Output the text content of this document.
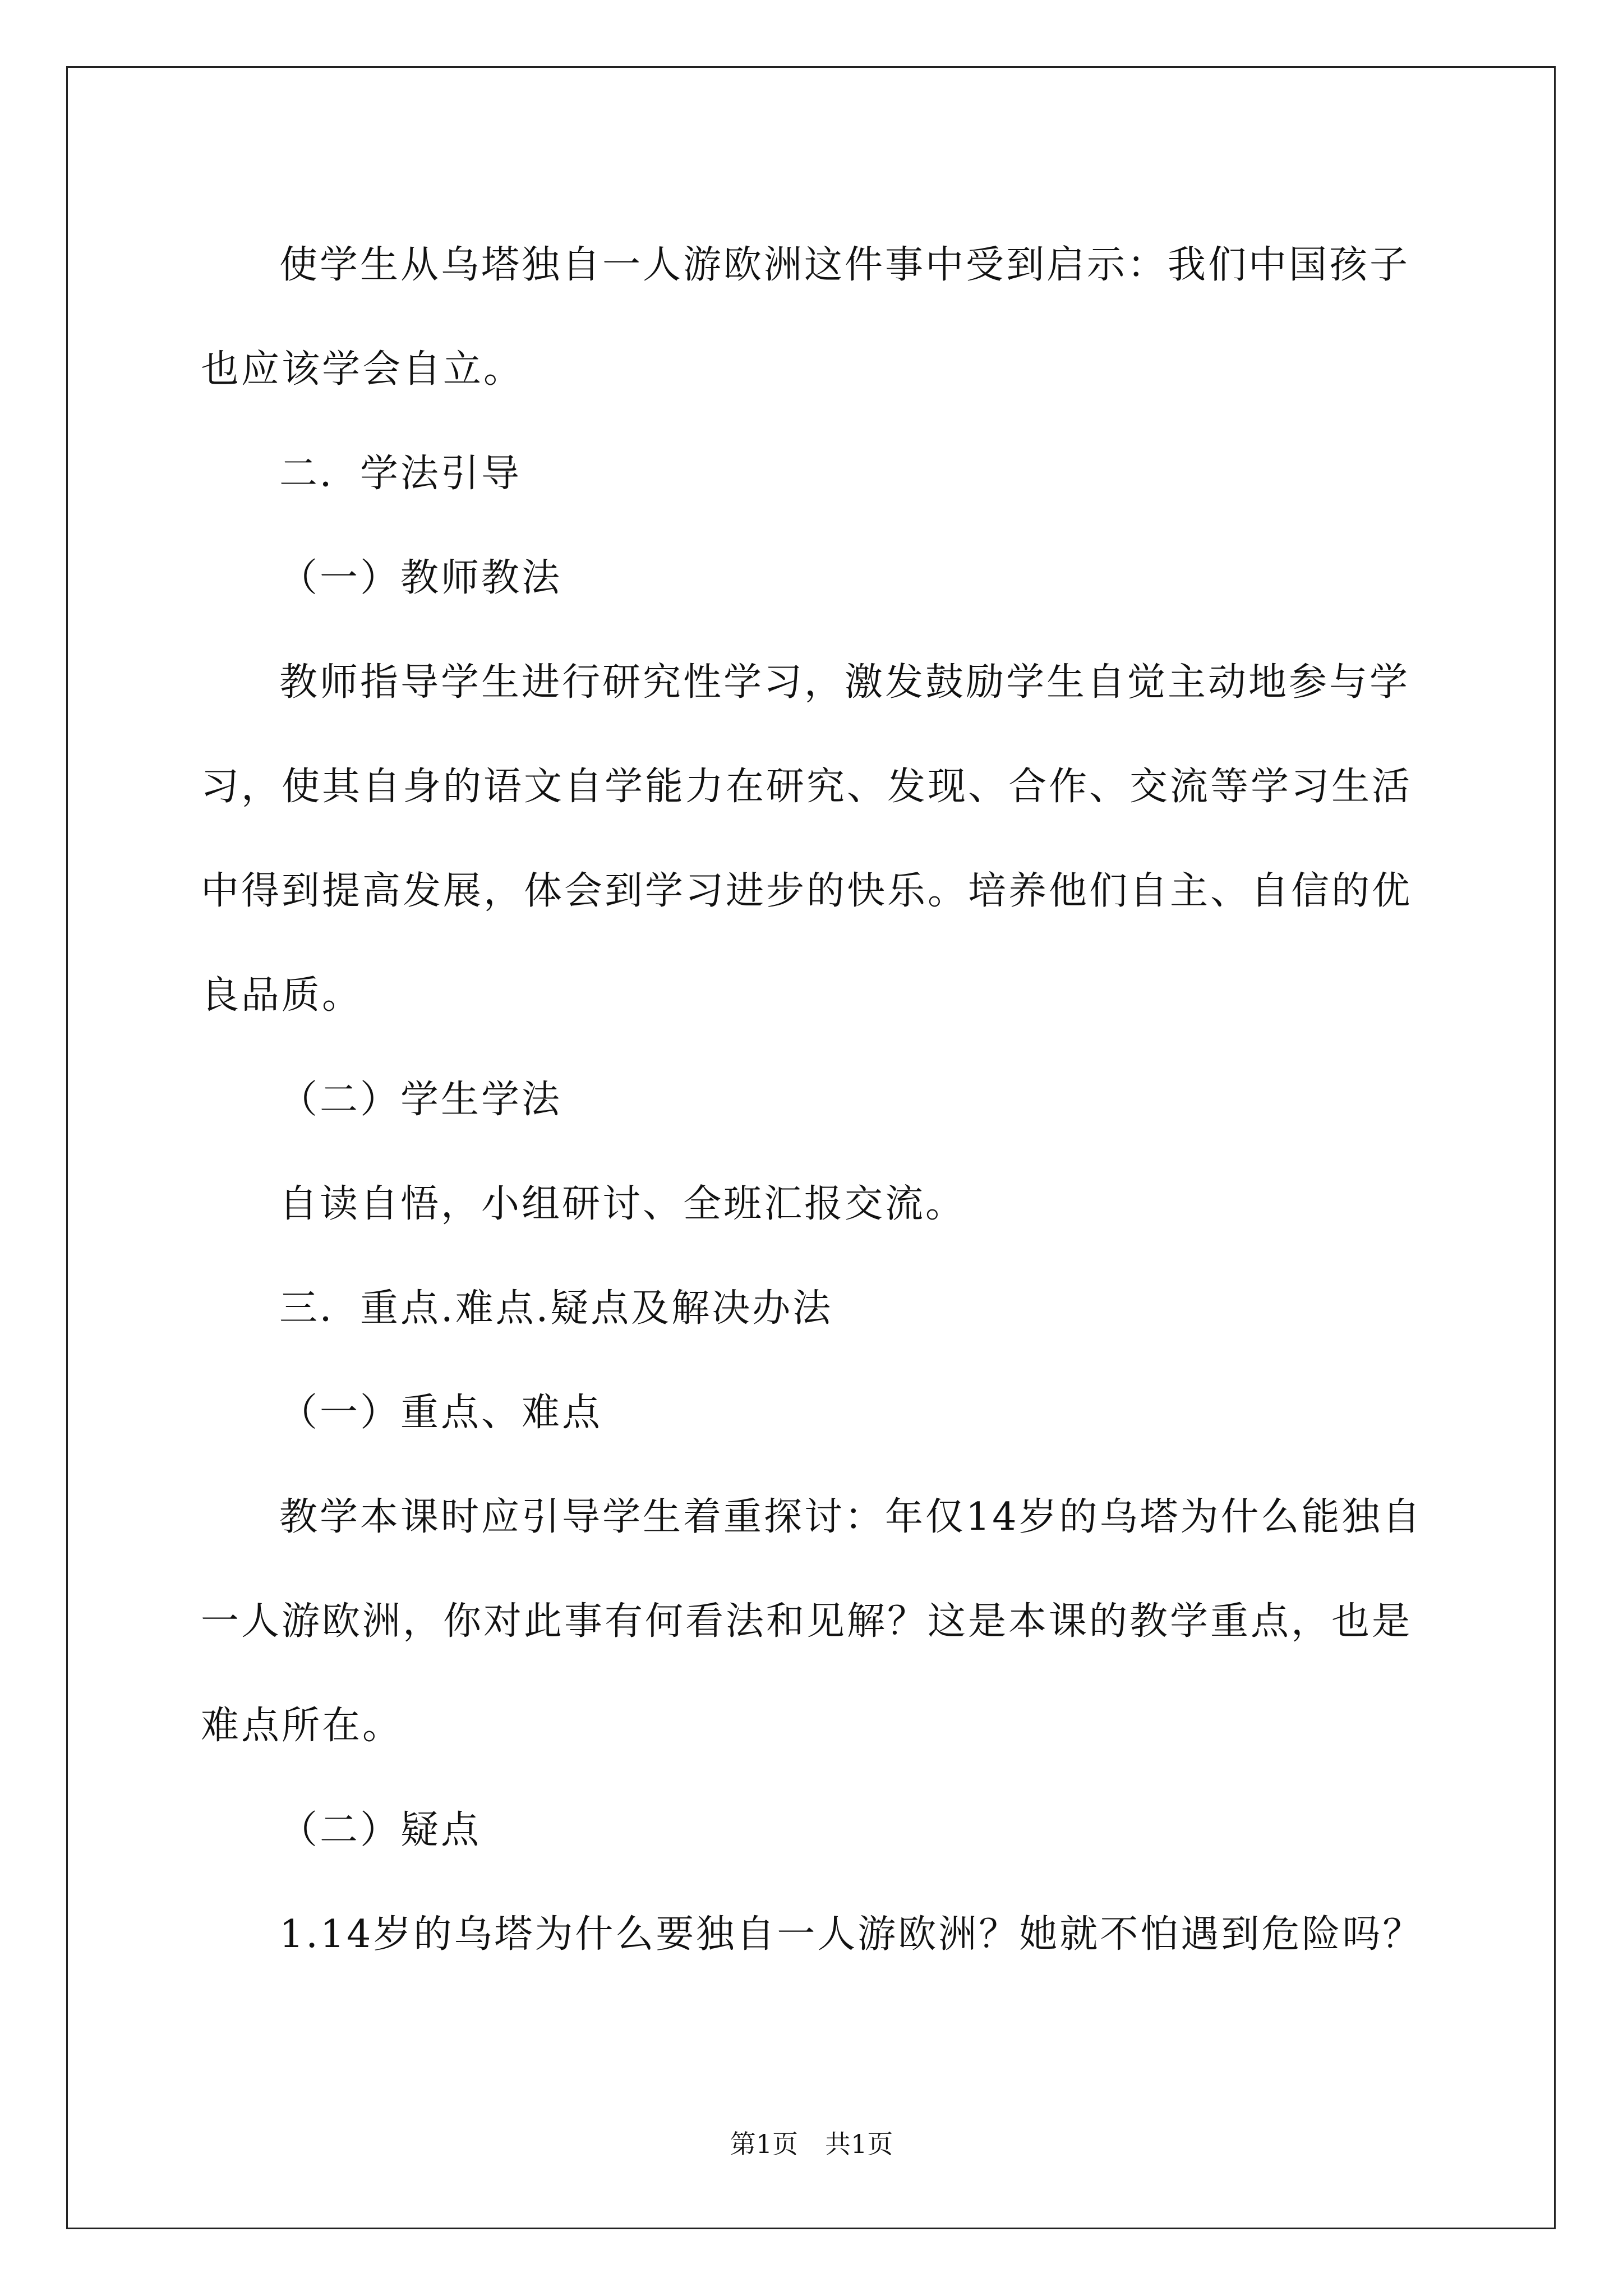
使学生从乌塔独自一人游欧洲这件事中受到启示：我们中国孩子也应该学会自立。

二．学法引导

（一）教师教法

教师指导学生进行研究性学习，激发鼓励学生自觉主动地参与学习，使其自身的语文自学能力在研究、发现、合作、交流等学习生活中得到提高发展，体会到学习进步的快乐。培养他们自主、自信的优良品质。

（二）学生学法

自读自悟，小组研讨、全班汇报交流。

三．重点.难点.疑点及解决办法

（一）重点、难点

教学本课时应引导学生着重探讨：年仅14岁的乌塔为什么能独自一人游欧洲，你对此事有何看法和见解？这是本课的教学重点，也是难点所在。

（二）疑点

1.14岁的乌塔为什么要独自一人游欧洲？她就不怕遇到危险吗？

第1页 共1页
